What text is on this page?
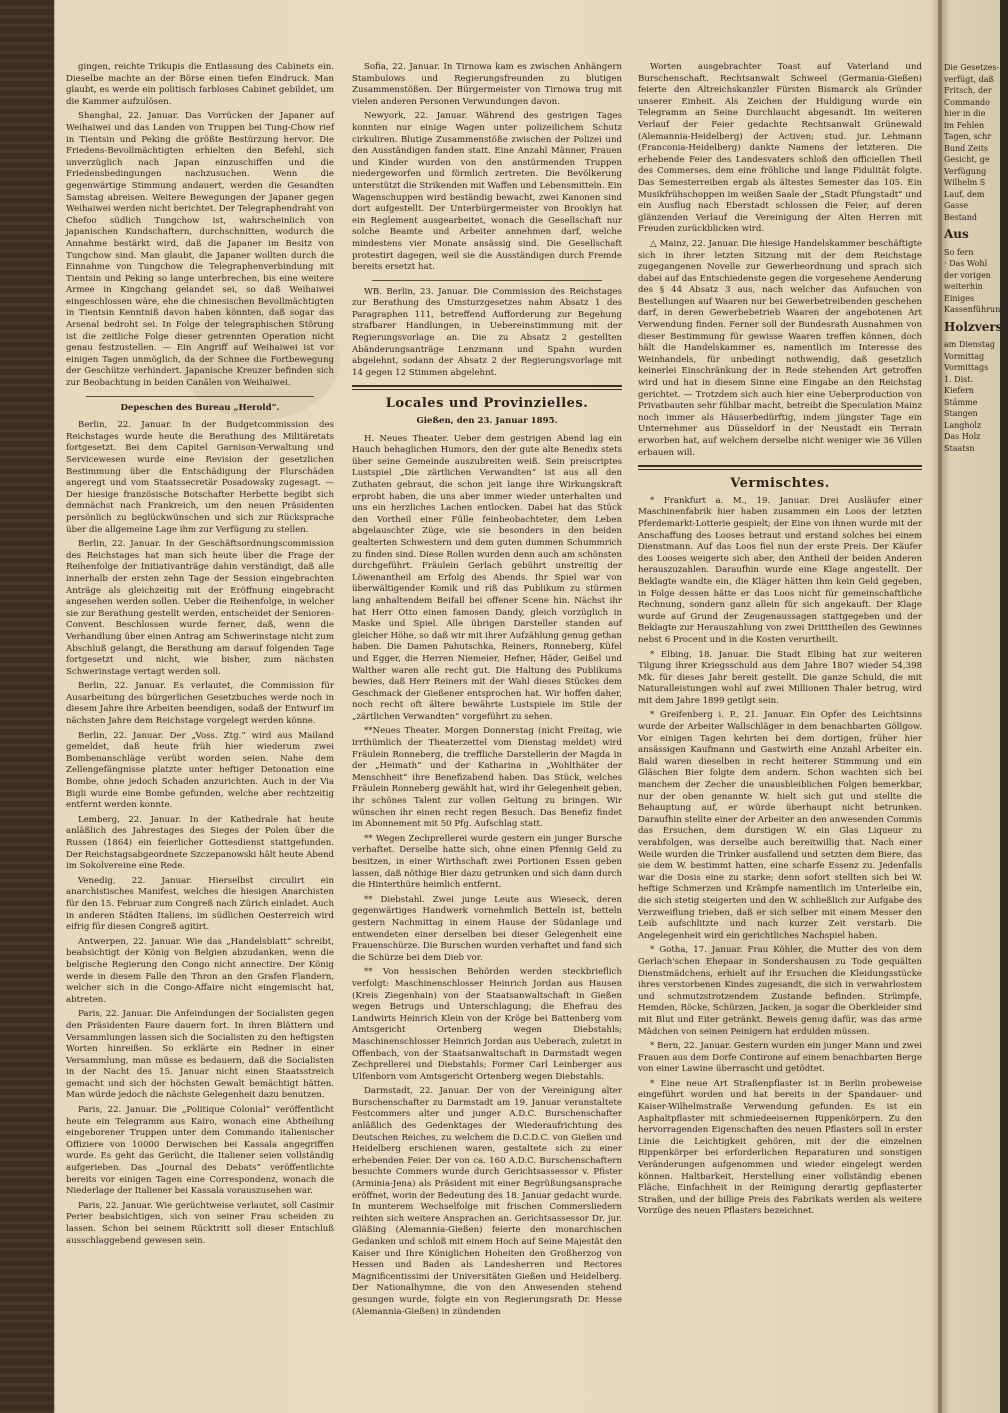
gingen, reichte Trikupis die Entlassung des Cabinets ein. Dieselbe machte an der Börse einen tiefen Eindruck. Man glaubt, es werde ein politisch farbloses Cabinet gebildet, um die Kammer aufzulösen.

Shanghai, 22. Januar. Das Vorrücken der Japaner auf Weihaiwei und das Landen von Truppen bei Tung-Chow rief in Tientsin und Peking die größte Bestürzung hervor. Die Friedens-Bevollmächtigten erhielten den Befehl, sich unverzüglich nach Japan einzuschiffen und die Friedensbedingungen nachzusuchen. Wenn die gegenwärtige Stimmung andauert, werden die Gesandten Samstag abreisen. Weitere Bewegungen der Japaner gegen Weihaiwei werden nicht berichtet. Der Telegraphendraht von Chefoo südlich Tungchow ist, wahrscheinlich von japanischen Kundschaftern, durchschnitten, wodurch die Annahme bestärkt wird, daß die Japaner im Besitz von Tungchow sind. Man glaubt, die Japaner wollten durch die Einnahme von Tungchow die Telegraphenverbindung mit Tientsin und Peking so lange unterbrechen, bis eine weitere Armee in Kingchang gelandet sei, so daß Weihaiwei eingeschlossen wäre, ehe die chinesischen Bevollmächtigten in Tientsin Kenntniß davon haben könnten, daß sogar das Arsenal bedroht sei. In Folge der telegraphischen Störung ist die zeitliche Folge dieser getrennten Operation nicht genau festzustellen. — Ein Angriff auf Weihaiwei ist vor einigen Tagen unmöglich, da der Schnee die Fortbewegung der Geschütze verhindert. Japanische Kreuzer befinden sich zur Beobachtung in beiden Canälen von Weihaiwei.

Depeschen des Bureau „Herold“.

Berlin, 22. Januar. In der Budgetcommission des Reichstages wurde heute die Berathung des Militäretats fortgesetzt. Bei dem Capitel Garnison-Verwaltung und Servicewesen wurde eine Revision der gesetzlichen Bestimmung über die Entschädigung der Flurschäden angeregt und vom Staatssecretär Posadowsky zugesagt. — Der hiesige französische Botschafter Herbette begibt sich demnächst nach Frankreich, um den neuen Präsidenten persönlich zu beglückwünschen und sich zur Rücksprache über die allgemeine Lage ihm zur Verfügung zu stellen.

Berlin, 22. Januar. In der Geschäftsordnungscommission des Reichstages hat man sich heute über die Frage der Reihenfolge der Initiativanträge dahin verständigt, daß alle innerhalb der ersten zehn Tage der Session eingebrachten Anträge als gleichzeitig mit der Eröffnung eingebracht angesehen werden sollen. Ueber die Reihenfolge, in welcher sie zur Berathung gestellt werden, entscheidet der Senioren-Convent. Beschlossen wurde ferner, daß, wenn die Verhandlung über einen Antrag am Schwerinstage nicht zum Abschluß gelangt, die Berathung am darauf folgenden Tage fortgesetzt und nicht, wie bisher, zum nächsten Schwerinstage vertagt werden soll.

Berlin, 22. Januar. Es verlautet, die Commission für Ausarbeitung des bürgerlichen Gesetzbuches werde noch in diesem Jahre ihre Arbeiten beendigen, sodaß der Entwurf im nächsten Jahre dem Reichstage vorgelegt werden könne.

Berlin, 22. Januar. Der „Voss. Ztg.“ wird aus Mailand gemeldet, daß heute früh hier wiederum zwei Bombenanschläge verübt worden seien. Nahe dem Zellengefängnisse platzte unter heftiger Detonation eine Bombe, ohne jedoch Schaden anzurichten. Auch in der Via Bigli wurde eine Bombe gefunden, welche aber rechtzeitig entfernt werden konnte.

Lemberg, 22. Januar. In der Kathedrale hat heute anläßlich des Jahrestages des Sieges der Polen über die Russen (1864) ein feierlicher Gottesdienst stattgefunden. Der Reichstagsabgeordnete Szczepanowski hält heute Abend im Sokolvereine eine Rede.

Venedig, 22. Januar. Hierselbst circulirt ein anarchistisches Manifest, welches die hiesigen Anarchisten für den 15. Februar zum Congreß nach Zürich einladet. Auch in anderen Städten Italiens, im südlichen Oesterreich wird eifrig für diesen Congreß agitirt.

Antwerpen, 22. Januar. Wie das „Handelsblatt“ schreibt, beabsichtigt der König von Belgien abzudanken, wenn die belgische Regierung den Congo nicht annectire. Der König werde in diesem Falle den Thron an den Grafen Flandern, welcher sich in die Congo-Affaire nicht eingemischt hat, abtreten.

Paris, 22. Januar. Die Anfeindungen der Socialisten gegen den Präsidenten Faure dauern fort. In ihren Blättern und Versammlungen lassen sich die Socialisten zu den heftigsten Worten hinreißen. So erklärte ein Redner in einer Versammlung, man müsse es bedauern, daß die Socialisten in der Nacht des 15. Januar nicht einen Staatsstreich gemacht und sich der höchsten Gewalt bemächtigt hätten. Man würde jedoch die nächste Gelegenheit dazu benutzen.

Paris, 22. Januar. Die „Politique Colonial“ veröffentlicht heute ein Telegramm aus Kairo, wonach eine Abtheilung eingeborener Truppen unter dem Commando italienischer Offiziere von 10000 Derwischen bei Kassala angegriffen wurde. Es geht das Gerücht, die Italiener seien vollständig aufgerieben. Das „Journal des Debats“ veröffentlichte bereits vor einigen Tagen eine Correspondenz, wonach die Niederlage der Italiener bei Kassala vorauszusehen war.

Paris, 22. Januar. Wie gerüchtweise verlautet, soll Casimir Perier beabsichtigen, sich von seiner Frau scheiden zu lassen. Schon bei seinem Rücktritt soll dieser Entschluß ausschlaggebend gewesen sein.

Sofia, 22. Januar. In Tirnowa kam es zwischen Anhängern Stambulows und Regierungsfreunden zu blutigen Zusammenstößen. Der Bürgermeister von Tirnowa trug mit vielen anderen Personen Verwundungen davon.

Newyork, 22. Januar. Während des gestrigen Tages konnten nur einige Wagen unter polizeilichem Schutz cirkuliren. Blutige Zusammenstöße zwischen der Polizei und den Ausständigen fanden statt. Eine Anzahl Männer, Frauen und Kinder wurden von den anstürmenden Truppen niedergeworfen und förmlich zertreten. Die Bevölkerung unterstützt die Strikenden mit Waffen und Lebensmitteln. Ein Wagenschuppen wird beständig bewacht, zwei Kanonen sind dort aufgestellt. Der Unterbürgermeister von Brooklyn hat ein Reglement ausgearbeitet, wonach die Gesellschaft nur solche Beamte und Arbeiter annehmen darf, welche mindestens vier Monate ansässig sind. Die Gesellschaft protestirt dagegen, weil sie die Ausständigen durch Fremde bereits ersetzt hat.

WB. Berlin, 23. Januar. Die Commission des Reichstages zur Berathung des Umsturzgesetzes nahm Absatz 1 des Paragraphen 111, betreffend Aufforderung zur Begehung strafbarer Handlungen, in Uebereinstimmung mit der Regierungsvorlage an. Die zu Absatz 2 gestellten Abänderungsanträge Lenzmann und Spahn wurden abgelehnt, sodann der Absatz 2 der Regierungsvorlage mit 14 gegen 12 Stimmen abgelehnt.

Locales und Provinzielles.

Gießen, den 23. Januar 1895.

H. Neues Theater. Ueber dem gestrigen Abend lag ein Hauch behaglichen Humors, den der gute alte Benedix stets über seine Gemeinde auszubreiten weiß. Sein preiscriptes Lustspiel „Die zärtlichen Verwandten“ ist aus all den Zuthaten gebraut, die schon jeit lange ihre Wirkungskraft erprobt haben, die uns aber immer wieder unterhalten und uns ein herzliches Lachen entlocken. Dabei hat das Stück den Vortheil einer Fülle feinbeobachteter, dem Leben abgelauschter Züge, wie sie besonders in den beiden gealterten Schwestern und dem guten dummen Schummrich zu finden sind. Diese Rollen wurden denn auch am schönsten durchgeführt. Fräulein Gerlach gebührt unstreitig der Löwenantheil am Erfolg des Abends. Ihr Spiel war von überwältigender Komik und riß das Publikum zu stürmen lang anhaltendem Beifall bei offener Scene hin. Nächst ihr hat Herr Otto einen famosen Dandy, gleich vorzüglich in Maske und Spiel. Alle übrigen Darsteller standen auf gleicher Höhe, so daß wir mit ihrer Aufzählung genug gethan haben. Die Damen Pahutschka, Reiners, Ronneberg, Küfel und Egger, die Herren Niemeier, Hefner, Häder, Geißel und Walther waren alle recht gut. Die Haltung des Publikums bewies, daß Herr Reiners mit der Wahl dieses Stückes dem Geschmack der Gießener entsprochen hat. Wir hoffen daher, noch recht oft ältere bewährte Lustspiele im Stile der „zärtlichen Verwandten“ vorgeführt zu sehen.

**Neues Theater. Morgen Donnerstag (nicht Freitag, wie irrthümlich der Theaterzettel vom Dienstag meldet) wird Fräulein Ronneberg, die treffliche Darstellerin der Magda in der „Heimath“ und der Katharina in „Wohlthäter der Menschheit“ ihre Benefizabend haben. Das Stück, welches Fräulein Ronneberg gewählt hat, wird ihr Gelegenheit geben, ihr schönes Talent zur vollen Geltung zu bringen. Wir wünschen ihr einen recht regen Besuch. Das Benefiz findet im Abonnement mit 50 Pfg. Aufschlag statt.

** Wegen Zechprellerei wurde gestern ein junger Bursche verhaftet. Derselbe hatte sich, ohne einen Pfennig Geld zu besitzen, in einer Wirthschaft zwei Portionen Essen geben lassen, daß nöthige Bier dazu getrunken und sich dann durch die Hinterthüre heimlich entfernt.

** Diebstahl. Zwei junge Leute aus Wieseck, deren gegenwärtiges Handwerk vornehmlich Betteln ist, betteln gestern Nachmittag in einem Hause der Südanlage und entwendeten einer derselben bei dieser Gelegenheit eine Frauenschürze. Die Burschen wurden verhaftet und fand sich die Schürze bei dem Dieb vor.

** Von hessischen Behörden werden steckbrieflich verfolgt: Maschinenschlosser Heinrich Jordan aus Hausen (Kreis Ziegenhain) von der Staatsanwaltschaft in Gießen wegen Betrugs und Unterschlagung; die Ehefrau des Landwirts Heinrich Klein von der Kröge bei Battenberg vom Amtsgericht Ortenberg wegen Diebstahls; Maschinenschlosser Heinrich Jordan aus Ueberach, zuletzt in Offenbach, von der Staatsanwaltschaft in Darmstadt wegen Zechprellerei und Diebstahls; Former Carl Leinberger aus Ulfenborn vom Amtsgericht Ortenberg wegen Diebstahls.

Darmstadt, 22. Januar. Der von der Vereinigung alter Burschenschafter zu Darmstadt am 19. Januar veranstaltete Festcommers alter und junger A.D.C. Burschenschafter anläßlich des Gedenktages der Wiederaufrichtung des Deutschen Reiches, zu welchem die D.C.D.C. von Gießen und Heidelberg erschienen waren, gestaltete sich zu einer erhebenden Feier. Der von ca. 160 A.D.C. Burschenschaftern besuchte Commers wurde durch Gerichtsassessor v. Pfister (Arminia-Jena) als Präsident mit einer Begrüßungsansprache eröffnet, worin der Bedeutung des 18. Januar gedacht wurde. In munterem Wechselfolge mit frischen Commersliedern reihten sich weitere Ansprachen an. Gerichtsassessor Dr. jur. Gläßing (Alemannia-Gießen) feierte den monarchischen Gedanken und schloß mit einem Hoch auf Seine Majestät den Kaiser und Ihre Königlichen Hoheiten den Großherzog von Hessen und Baden als Landesherren und Rectores Magnificentissimi der Universitäten Gießen und Heidelberg. Der Nationalhymne, die von den Anwesenden stehend gesungen wurde, folgte ein von Regierungsrath Dr. Hesse (Alemannia-Gießen) in zündenden

Worten ausgebrachter Toast auf Vaterland und Burschenschaft. Rechtsanwalt Schweel (Germania-Gießen) feierte den Altreichskanzler Fürsten Bismarck als Gründer unserer Einheit. Als Zeichen der Huldigung wurde ein Telegramm an Seine Durchlaucht abgesandt. Im weiteren Verlauf der Feier gedachte Rechtsanwalt Grünewald (Alemannia-Heidelberg) der Activen; stud. jur. Lehmann (Franconia-Heidelberg) dankte Namens der letzteren. Die erhebende Feier des Landesvaters schloß den officiellen Theil des Commerses, dem eine fröhliche und lange Fidulität folgte. Das Semesterreiben ergab als ältestes Semester das 105. Ein Musikfrühschoppen im weißen Saale der „Stadt Pfungstadt“ und ein Ausflug nach Eberstadt schlossen die Feier, auf deren glänzenden Verlauf die Vereinigung der Alten Herren mit Freuden zurückblicken wird.

△ Mainz, 22. Januar. Die hiesige Handelskammer beschäftigte sich in ihrer letzten Sitzung mit der dem Reichstage zugegangenen Novelle zur Gewerbeordnung und sprach sich dabei auf das Entschiedenste gegen die vorgesehene Aenderung des § 44 Absatz 3 aus, nach welcher das Aufsuchen von Bestellungen auf Waaren nur bei Gewerbetreibenden geschehen darf, in deren Gewerbebetrieb Waaren der angebotenen Art Verwendung finden. Ferner soll der Bundesrath Ausnahmen von dieser Bestimmung für gewisse Waaren treffen können, doch hält die Handelskammer es, namentlich im Interesse des Weinhandels, für unbedingt nothwendig, daß gesetzlich keinerlei Einschränkung der in Rede stehenden Art getroffen wird und hat in diesem Sinne eine Eingabe an den Reichstag gerichtet. — Trotzdem sich auch hier eine Ueberproduction von Privatbauten sehr fühlbar macht, betreibt die Speculation Mainz noch immer als Häuserbedürftig, indem jüngster Tage ein Unternehmer aus Düsseldorf in der Neustadt ein Terrain erworben hat, auf welchem derselbe nicht weniger wie 36 Villen erbauen will.

Vermischtes.

* Frankfurt a. M., 19. Januar. Drei Ausläufer einer Maschinenfabrik hier haben zusammen ein Loos der letzten Pferdemarkt-Lotterie gespielt; der Eine von ihnen wurde mit der Anschaffung des Looses betraut und erstand solches bei einem Dienstmann. Auf das Loos fiel nun der erste Preis. Der Käufer des Looses weigerte sich aber, den Antheil der beiden Anderen herauszuzahlen. Daraufhin wurde eine Klage angestellt. Der Beklagte wandte ein, die Kläger hätten ihm kein Geld gegeben, in Folge dessen hätte er das Loos nicht für gemeinschaftliche Rechnung, sondern ganz allein für sich angekauft. Der Klage wurde auf Grund der Zeugenaussagen stattgegeben und der Beklagte zur Herauszahlung von zwei Dritttheilen des Gewinnes nebst 6 Procent und in die Kosten verurtheilt.

* Elbing, 18. Januar. Die Stadt Elbing hat zur weiteren Tilgung ihrer Kriegsschuld aus dem Jahre 1807 wieder 54,398 Mk. für dieses Jahr bereit gestellt. Die ganze Schuld, die mit Naturalleistungen wohl auf zwei Millionen Thaler betrug, wird mit dem Jahre 1899 getilgt sein.

* Greifenberg i. P., 21. Januar. Ein Opfer des Leichtsinns wurde der Arbeiter Wallschläger in dem benachbarten Göllgow. Vor einigen Tagen kehrten bei dem dortigen, früher hier ansässigen Kaufmann und Gastwirth eine Anzahl Arbeiter ein. Bald waren dieselben in recht heiterer Stimmung und ein Gläschen Bier folgte dem andern. Schon wachten sich bei manchem der Zecher die unausbleiblichen Folgen bemerkbar, nur der oben genannte W. hielt sich gut und stellte die Behauptung auf, er würde überhaupt nicht betrunken. Daraufhin stellte einer der Arbeiter an den anwesenden Commis das Ersuchen, dem durstigen W. ein Glas Liqueur zu verabfolgen, was derselbe auch bereitwillig that. Nach einer Weile wurden die Trinker ausfallend und setzten dem Biere, das sie dem W. bestimmt hatten, eine scharfe Essenz zu. Jedenfalls war die Dosis eine zu starke; denn sofort stellten sich bei W. heftige Schmerzen und Krämpfe namentlich im Unterleibe ein, die sich stetig steigerten und den W. schließlich zur Aufgabe des Verzweiflung trieben, daß er sich selber mit einem Messer den Leib aufschlitzte und nach kurzer Zeit verstarb. Die Angelegenheit wird ein gerichtliches Nachspiel haben.

* Gotha, 17. Januar. Frau Köhler, die Mutter des von dem Gerlach'schen Ehepaar in Sondershausen zu Tode gequälten Dienstmädchens, erhielt auf ihr Ersuchen die Kleidungsstücke ihres verstorbenen Kindes zugesandt, die sich in verwahrlostem und schmutzstrotzendem Zustande befinden. Strümpfe, Hemden, Röcke, Schürzen, Jacken, ja sogar die Oberkleider sind mit Blut und Eiter getränkt. Beweis genug dafür, was das arme Mädchen von seinen Peinigern hat erdulden müssen.

* Bern, 22. Januar. Gestern wurden ein junger Mann und zwei Frauen aus dem Dorfe Contirone auf einem benachbarten Berge von einer Lawine überrascht und getödtet.

* Eine neue Art Straßenpflaster ist in Berlin probeweise eingeführt worden und hat bereits in der Spandauer- und Kaiser-Wilhelmstraße Verwendung gefunden. Es ist ein Asphaltpflaster mit schmiedeeisernen Rippenkörpern. Zu den hervorragenden Eigenschaften des neuen Pflasters soll in erster Linie die Leichtigkeit gehören, mit der die einzelnen Rippenkörper bei erforderlichen Reparaturen und sonstigen Veränderungen aufgenommen und wieder eingelegt werden können. Haltbarkeit, Herstellung einer vollständig ebenen Fläche, Einfachheit in der Reinigung derartig gepflasterter Straßen, und der billige Preis des Fabrikats werden als weitere Vorzüge des neuen Pflasters bezeichnet.

Die Gesetzes-
verfügt, daß
Fritsch, der
Commando
hier in die
im Fehlen
Tagen, schr
Bund Zeits
Gesicht, ge
Verfügung
Wilhelm S
Lauf, dem
Gasse
Bestand
Aus
So fern
· Das Wohl
der vorigen
weiterhin
Einiges
Kassenführung
Holzverst
am Dienstag
Vormittag
Vormittags
1. Dist.
Kiefern
Stämme
Stangen
Langholz
Das Holz
Staatsn
